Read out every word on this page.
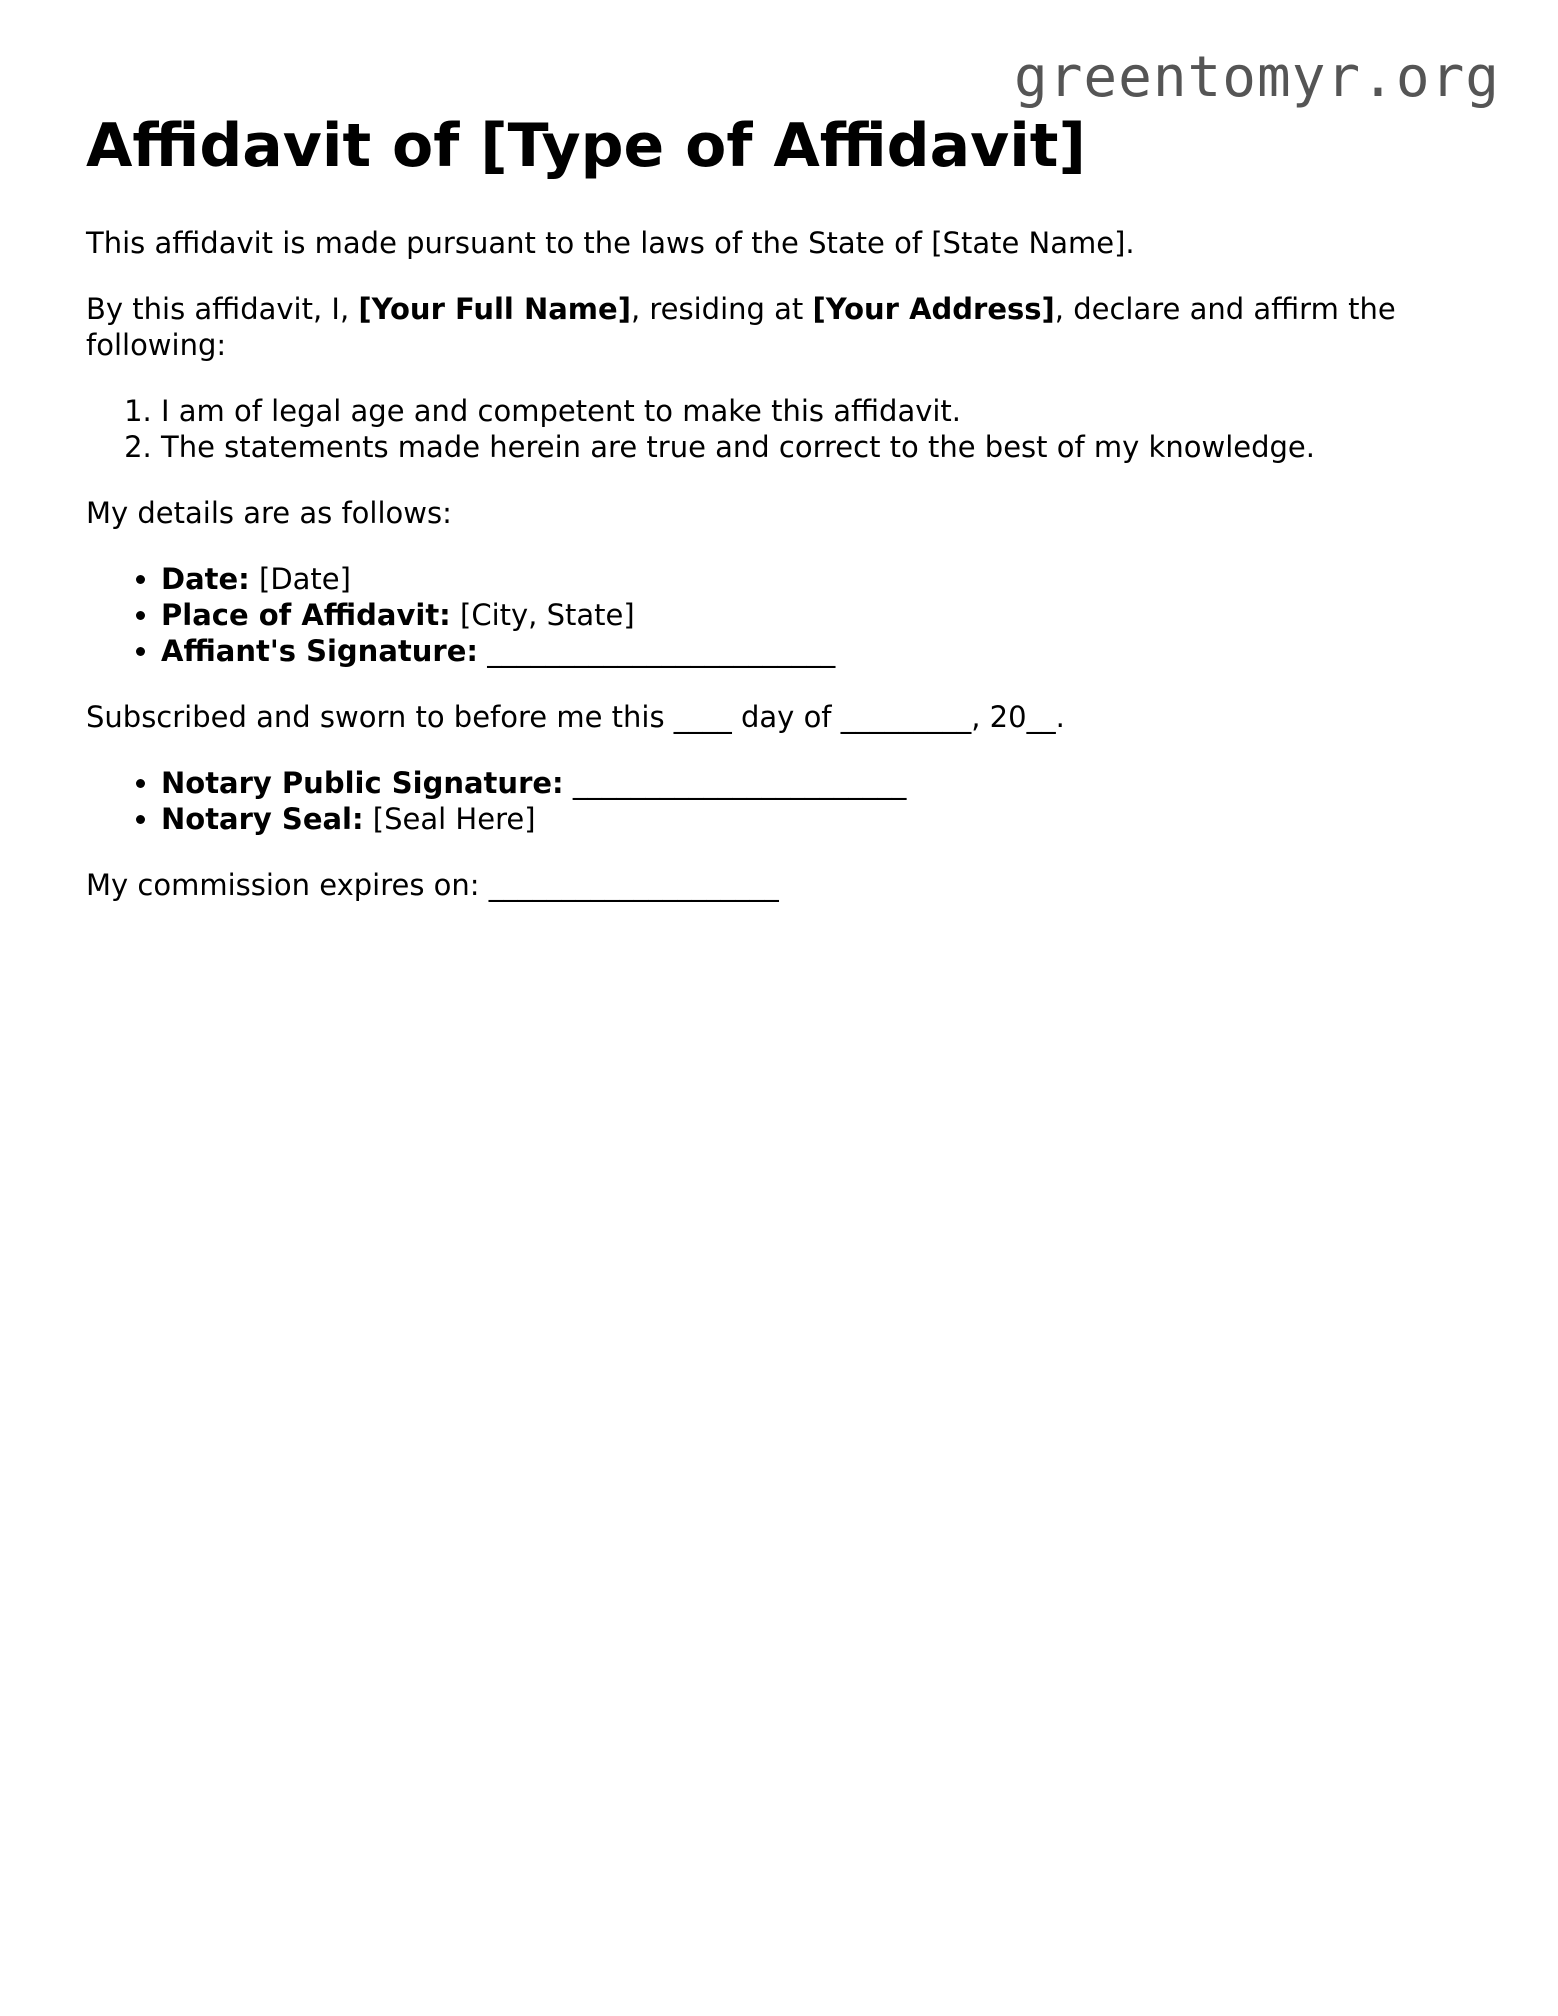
greentomyr.org
Affidavit of [Type of Affidavit]

This affidavit is made pursuant to the laws of the State of [State Name].

By this affidavit, I, [Your Full Name], residing at [Your Address], declare and affirm the following:

1. I am of legal age and competent to make this affidavit.
2. The statements made herein are true and correct to the best of my knowledge.

My details are as follows:

• Date: [Date]
• Place of Affidavit: [City, State]
• Affiant's Signature: ________________________

Subscribed and sworn to before me this ____ day of _________, 20__.

• Notary Public Signature: _______________________
• Notary Seal: [Seal Here]

My commission expires on: ____________________
